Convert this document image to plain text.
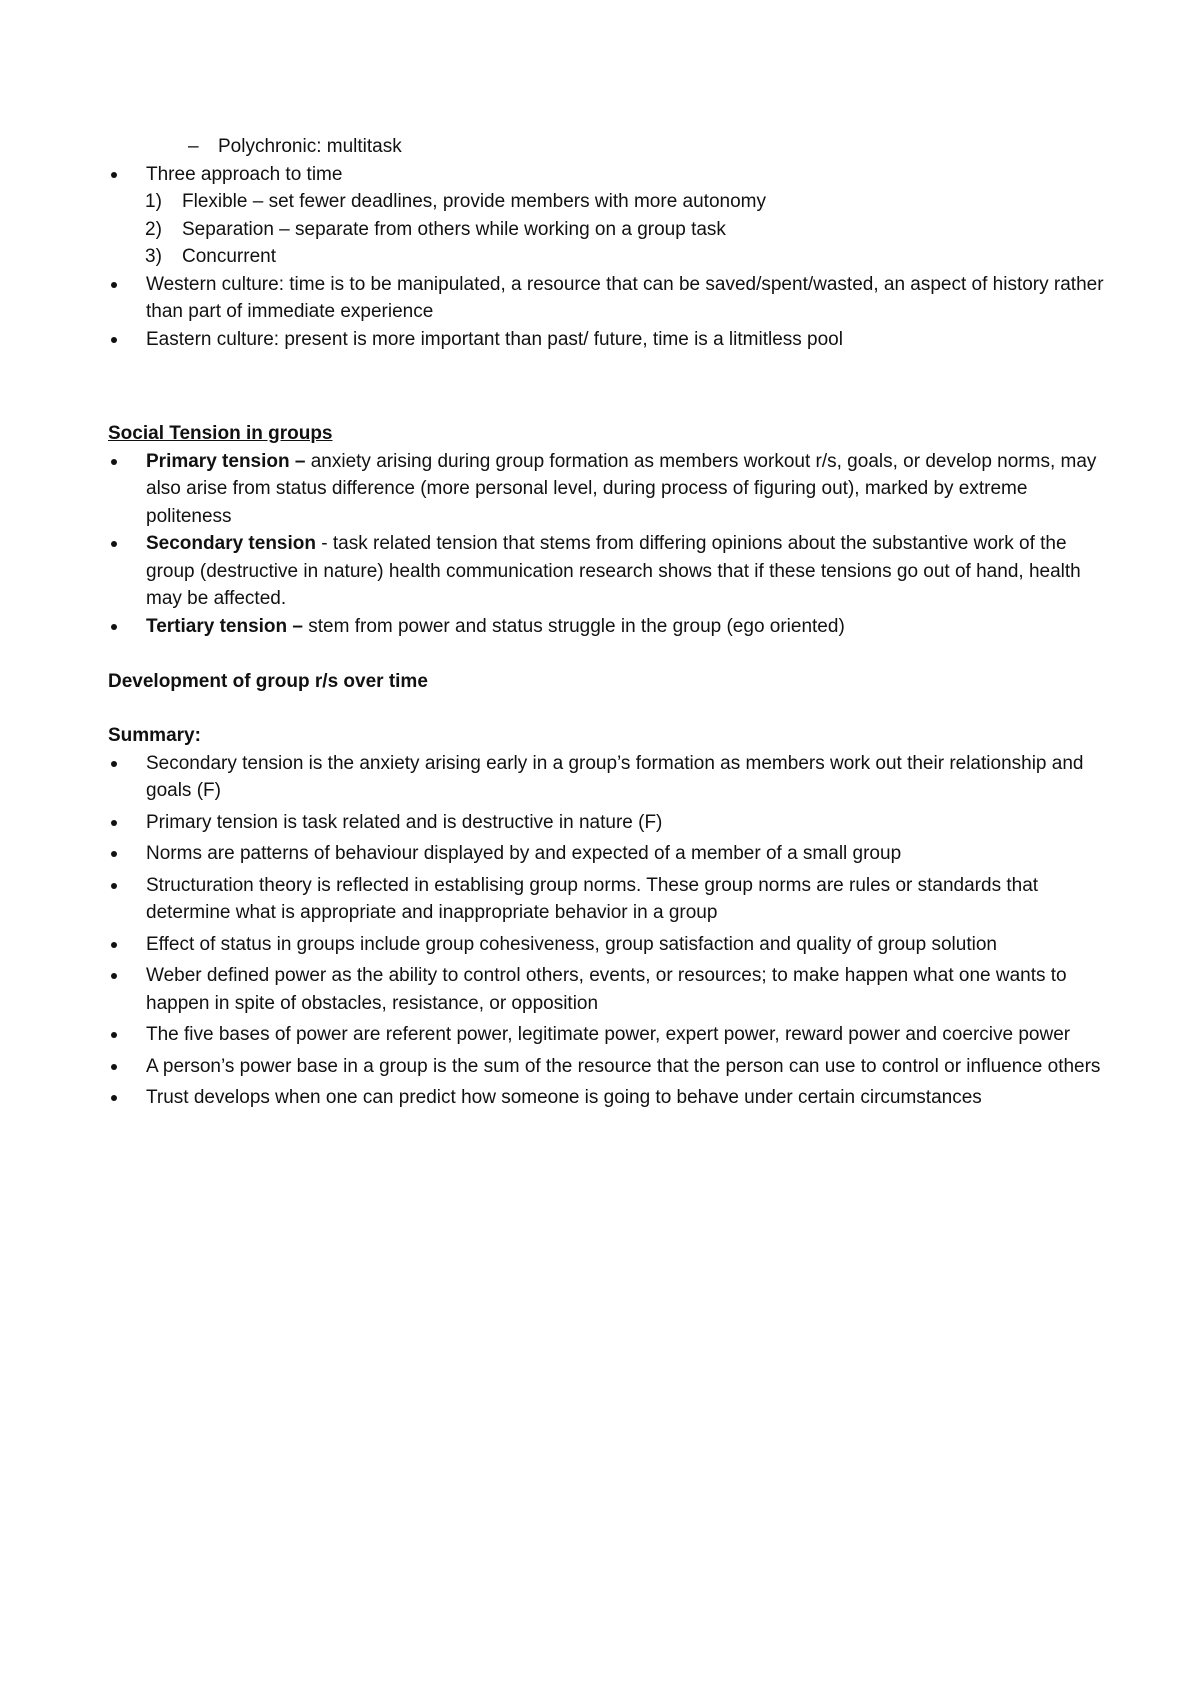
– Polychronic: multitask
Three approach to time
1) Flexible – set fewer deadlines, provide members with more autonomy
2) Separation – separate from others while working on a group task
3) Concurrent
Western culture: time is to be manipulated, a resource that can be saved/spent/wasted, an aspect of history rather than part of immediate experience
Eastern culture: present is more important than past/ future, time is a litmitless pool
Social Tension in groups
Primary tension – anxiety arising during group formation as members workout r/s, goals, or develop norms, may also arise from status difference (more personal level, during process of figuring out), marked by extreme politeness
Secondary tension - task related tension that stems from differing opinions about the substantive work of the group (destructive in nature) health communication research shows that if these tensions go out of hand, health may be affected.
Tertiary tension – stem from power and status struggle in the group (ego oriented)
Development of group r/s over time
Summary:
Secondary tension is the anxiety arising early in a group’s formation as members work out their relationship and goals (F)
Primary tension is task related and is destructive in nature (F)
Norms are patterns of behaviour displayed by and expected of a member of a small group
Structuration theory is reflected in establising group norms. These group norms are rules or standards that determine what is appropriate and inappropriate behavior in a group
Effect of status in groups include group cohesiveness, group satisfaction and quality of group solution
Weber defined power as the ability to control others, events, or resources; to make happen what one wants to happen in spite of obstacles, resistance, or opposition
The five bases of power are referent power, legitimate power, expert power, reward power and coercive power
A person’s power base in a group is the sum of the resource that the person can use to control or influence others
Trust develops when one can predict how someone is going to behave under certain circumstances
